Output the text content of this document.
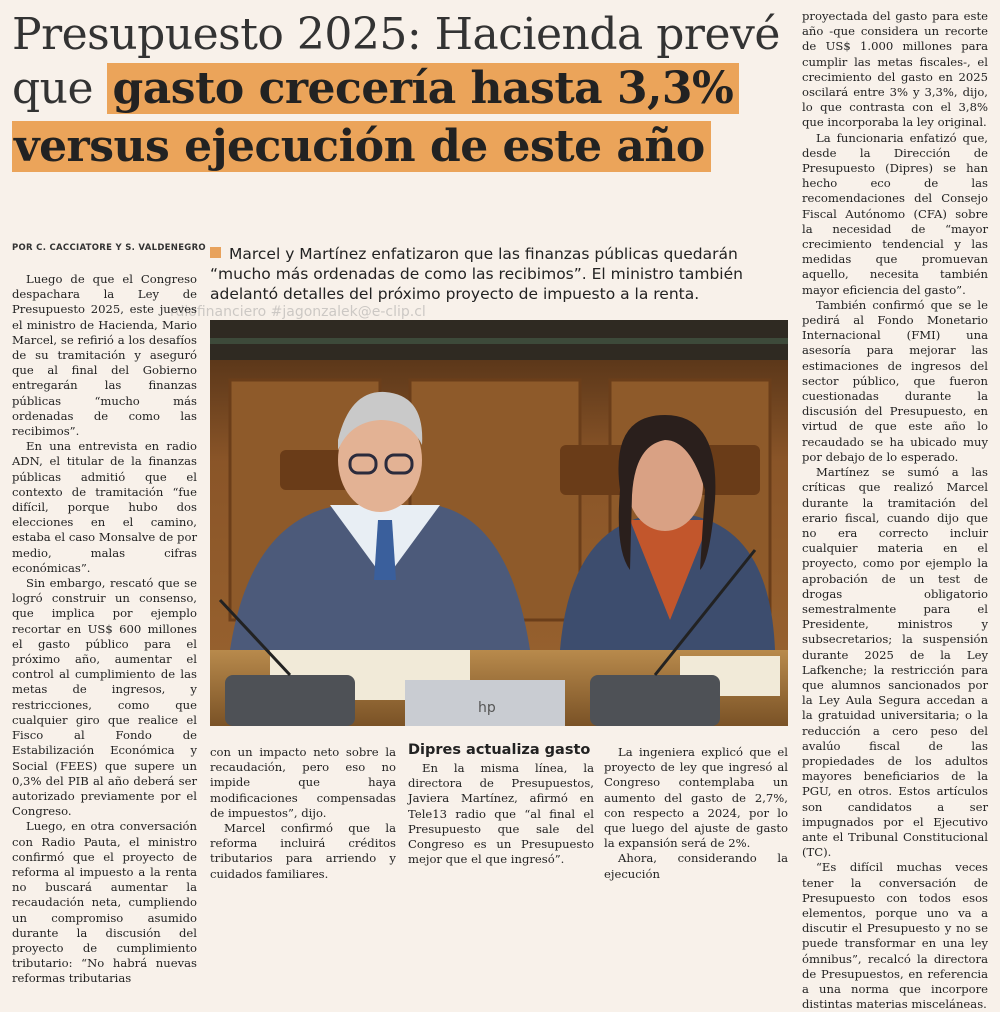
Presupuesto 2025: Hacienda prevé
que gasto crecería hasta 3,3%
versus ejecución de este año
POR C. CACCIATORE Y S. VALDENEGRO	Marcel y Martínez enfatizaron que las finanzas públicas quedarán “mucho más ordenadas de como las recibimos”. El ministro también adelantó detalles del próximo proyecto de impuesto a la renta.
rdiofinanciero #jagonzalek@e-clip.cl

Luego de que el Congreso despachara la Ley de Presupuesto 2025, este jueves el ministro de Hacienda, Mario Marcel, se refirió a los desafíos de su tramitación y aseguró que al final del Gobierno entregarán las finanzas públicas “mucho más ordenadas de como las recibimos”.

En una entrevista en radio ADN, el titular de la finanzas públicas admitió que el contexto de tramitación “fue difícil, porque hubo dos elecciones en el camino, estaba el caso Monsalve de por medio, malas cifras económicas”.

Sin embargo, rescató que se logró construir un consenso, que implica por ejemplo recortar en US$ 600 millones el gasto público para el próximo año, aumentar el control al cumplimiento de las metas de ingresos, y restricciones, como que cualquier giro que realice el Fisco al Fondo de Estabilización Económica y Social (FEES) que supere un 0,3% del PIB al año deberá ser autorizado previamente por el Congreso.

Luego, en otra conversación con Radio Pauta, el ministro confirmó que el proyecto de reforma al impuesto a la renta no buscará aumentar la recaudación neta, cumpliendo un compromiso asumido durante la discusión del proyecto de cumplimiento tributario: “No habrá nuevas reformas tributarias

hp

con un impacto neto sobre la recaudación, pero eso no impide que haya modificaciones compensadas de impuestos”, dijo.

Marcel confirmó que la reforma incluirá créditos tributarios para arriendo y cuidados familiares.

Dipres actualiza gasto

En la misma línea, la directora de Presupuestos, Javiera Martínez, afirmó en Tele13 radio que “al final el Presupuesto que sale del Congreso es un Presupuesto mejor que el que ingresó”.

La ingeniera explicó que el proyecto de ley que ingresó al Congreso contemplaba un aumento del gasto de 2,7%, con respecto a 2024, por lo que luego del ajuste de gasto la expansión será de 2%.

Ahora, considerando la ejecución

proyectada del gasto para este año -que considera un recorte de US$ 1.000 millones para cumplir las metas fiscales-, el crecimiento del gasto en 2025 oscilará entre 3% y 3,3%, dijo, lo que contrasta con el 3,8% que incorporaba la ley original.

La funcionaria enfatizó que, desde la Dirección de Presupuesto (Dipres) se han hecho eco de las recomendaciones del Consejo Fiscal Autónomo (CFA) sobre la necesidad de “mayor crecimiento tendencial y las medidas que promuevan aquello, necesita también mayor eficiencia del gasto”.

También confirmó que se le pedirá al Fondo Monetario Internacional (FMI) una asesoría para mejorar las estimaciones de ingresos del sector público, que fueron cuestionadas durante la discusión del Presupuesto, en virtud de que este año lo recaudado se ha ubicado muy por debajo de lo esperado.

Martínez se sumó a las críticas que realizó Marcel durante la tramitación del erario fiscal, cuando dijo que no era correcto incluir cualquier materia en el proyecto, como por ejemplo la aprobación de un test de drogas obligatorio semestralmente para el Presidente, ministros y subsecretarios; la suspensión durante 2025 de la Ley Lafkenche; la restricción para que alumnos sancionados por la Ley Aula Segura accedan a la gratuidad universitaria; o la reducción a cero peso del avalúo fiscal de las propiedades de los adultos mayores beneficiarios de la PGU, en otros. Estos artículos son candidatos a ser impugnados por el Ejecutivo ante el Tribunal Constitucional (TC).

“Es difícil muchas veces tener la conversación de Presupuesto con todos esos elementos, porque uno va a discutir el Presupuesto y no se puede transformar en una ley ómnibus”, recalcó la directora de Presupuestos, en referencia a una norma que incorpore distintas materias misceláneas.
